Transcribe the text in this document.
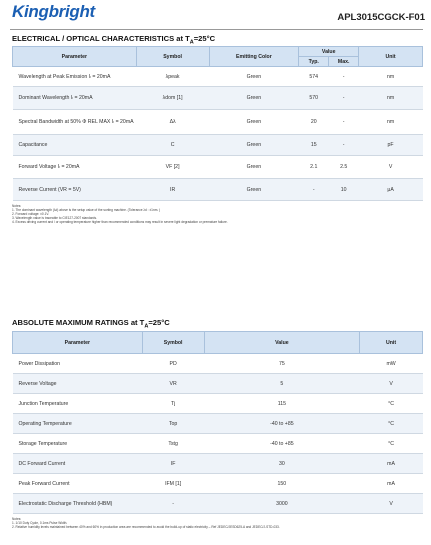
Kingbright	APL3015CGCK-F01
ELECTRICAL / OPTICAL CHARACTERISTICS at $T_A=25^\circ C$
Parameter	Symbol	Emitting Color	Value		Unit
			Typ.	Max.	
Wavelength at Peak Emission Iₗ = 20mA	λpeak	Green	574	-	nm
Dominant Wavelength Iₗ = 20mA	λdom [1]	Green	570	-	nm
Spectral Bandwidth at 50% Φ REL MAX Iₗ = 20mA	Δλ	Green	20	-	nm
Capacitance	C	Green	15	-	pF
Forward Voltage Iₗ = 20mA	VF [2]	Green	2.1	2.5	V
Reverse Current (VR = 5V)	IR	Green	-	10	μA
Notes:
1. The dominant wavelength (λd) above is the setup value of the sorting machine. (Tolerance λd : ±1nm. )
2. Forward voltage: ±0.1V.
3. Wavelength value is traceable to CIE127-2007 standards.
4. Excess driving current and / or operating temperature higher than recommended conditions may result in severe light degradation or premature failure.
ABSOLUTE MAXIMUM RATINGS at $T_A=25^\circ C$
Parameter	Symbol	Value	Unit
Power Dissipation	PD	75	mW
Reverse Voltage	VR	5	V
Junction Temperature	Tj	115	°C
Operating Temperature	Top	-40 to +85	°C
Storage Temperature	Tstg	-40 to +85	°C
DC Forward Current	IF	30	mA
Peak Forward Current	IFM [1]	150	mA
Electrostatic Discharge Threshold (HBM)	-	3000	V
Notes:
1. 1/10 Duty Cycle, 0.1ms Pulse Width.
2. Relative humidity levels maintained between 40% and 60% in production area are recommended to avoid the build-up of static electricity – Ref JEDEC/JESD625-A and JEDEC/J-STD-033.
